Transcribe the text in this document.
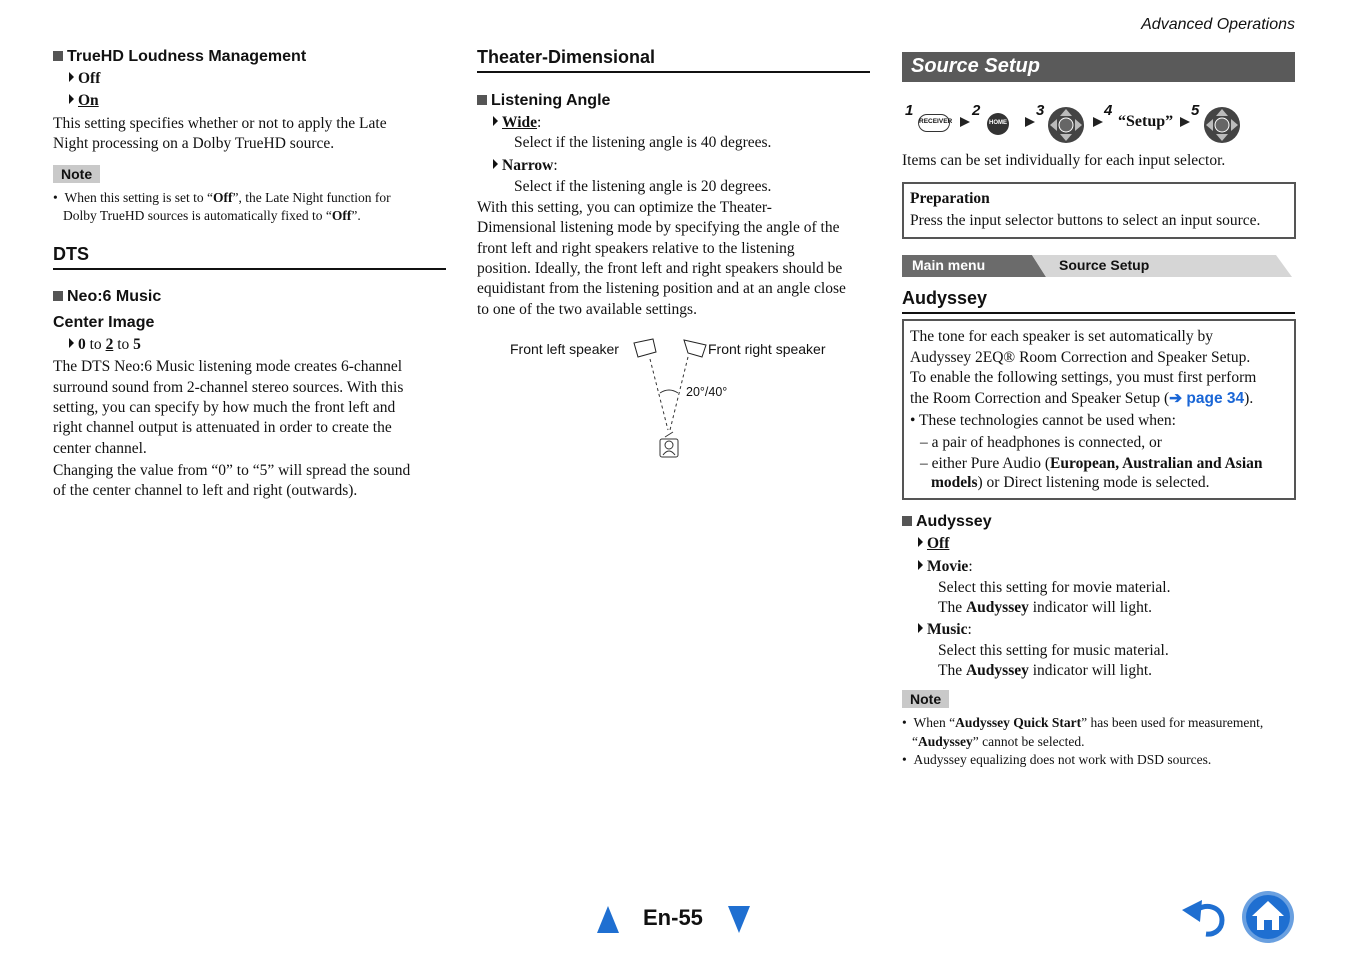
Advanced Operations
TrueHD Loudness Management
Off
On
This setting specifies whether or not to apply the Late
Night processing on a Dolby TrueHD source.
Note
•  When this setting is set to “Off”, the Late Night function for
Dolby TrueHD sources is automatically fixed to “Off”.
DTS
Neo:6 Music
Center Image
0 to 2 to 5
The DTS Neo:6 Music listening mode creates 6-channel
surround sound from 2-channel stereo sources. With this
setting, you can specify by how much the front left and
right channel output is attenuated in order to create the
center channel.
Changing the value from “0” to “5” will spread the sound
of the center channel to left and right (outwards).
Theater-Dimensional
Listening Angle
Wide:
Select if the listening angle is 40 degrees.
Narrow:
Select if the listening angle is 20 degrees.
With this setting, you can optimize the Theater-
Dimensional listening mode by specifying the angle of the
front left and right speakers relative to the listening
position. Ideally, the front left and right speakers should be
equidistant from the listening position and at an angle close
to one of the two available settings.
Front left speaker	Front right speaker
20°/40°
Source Setup
1
RECEIVER
2
HOME
3	4
“Setup”
5
Items can be set individually for each input selector.
Preparation
Press the input selector buttons to select an input source.
Main menu	Source Setup
Audyssey
The tone for each speaker is set automatically by
Audyssey 2EQ® Room Correction and Speaker Setup.
To enable the following settings, you must first perform
the Room Correction and Speaker Setup (➔ page 34).
• These technologies cannot be used when:
– a pair of headphones is connected, or
– either Pure Audio (European, Australian and Asian
models) or Direct listening mode is selected.
Audyssey
Off
Movie:
Select this setting for movie material.
The Audyssey indicator will light.
Music:
Select this setting for music material.
The Audyssey indicator will light.
Note
•  When “Audyssey Quick Start” has been used for measurement,
“Audyssey” cannot be selected.
•  Audyssey equalizing does not work with DSD sources.
En-55
